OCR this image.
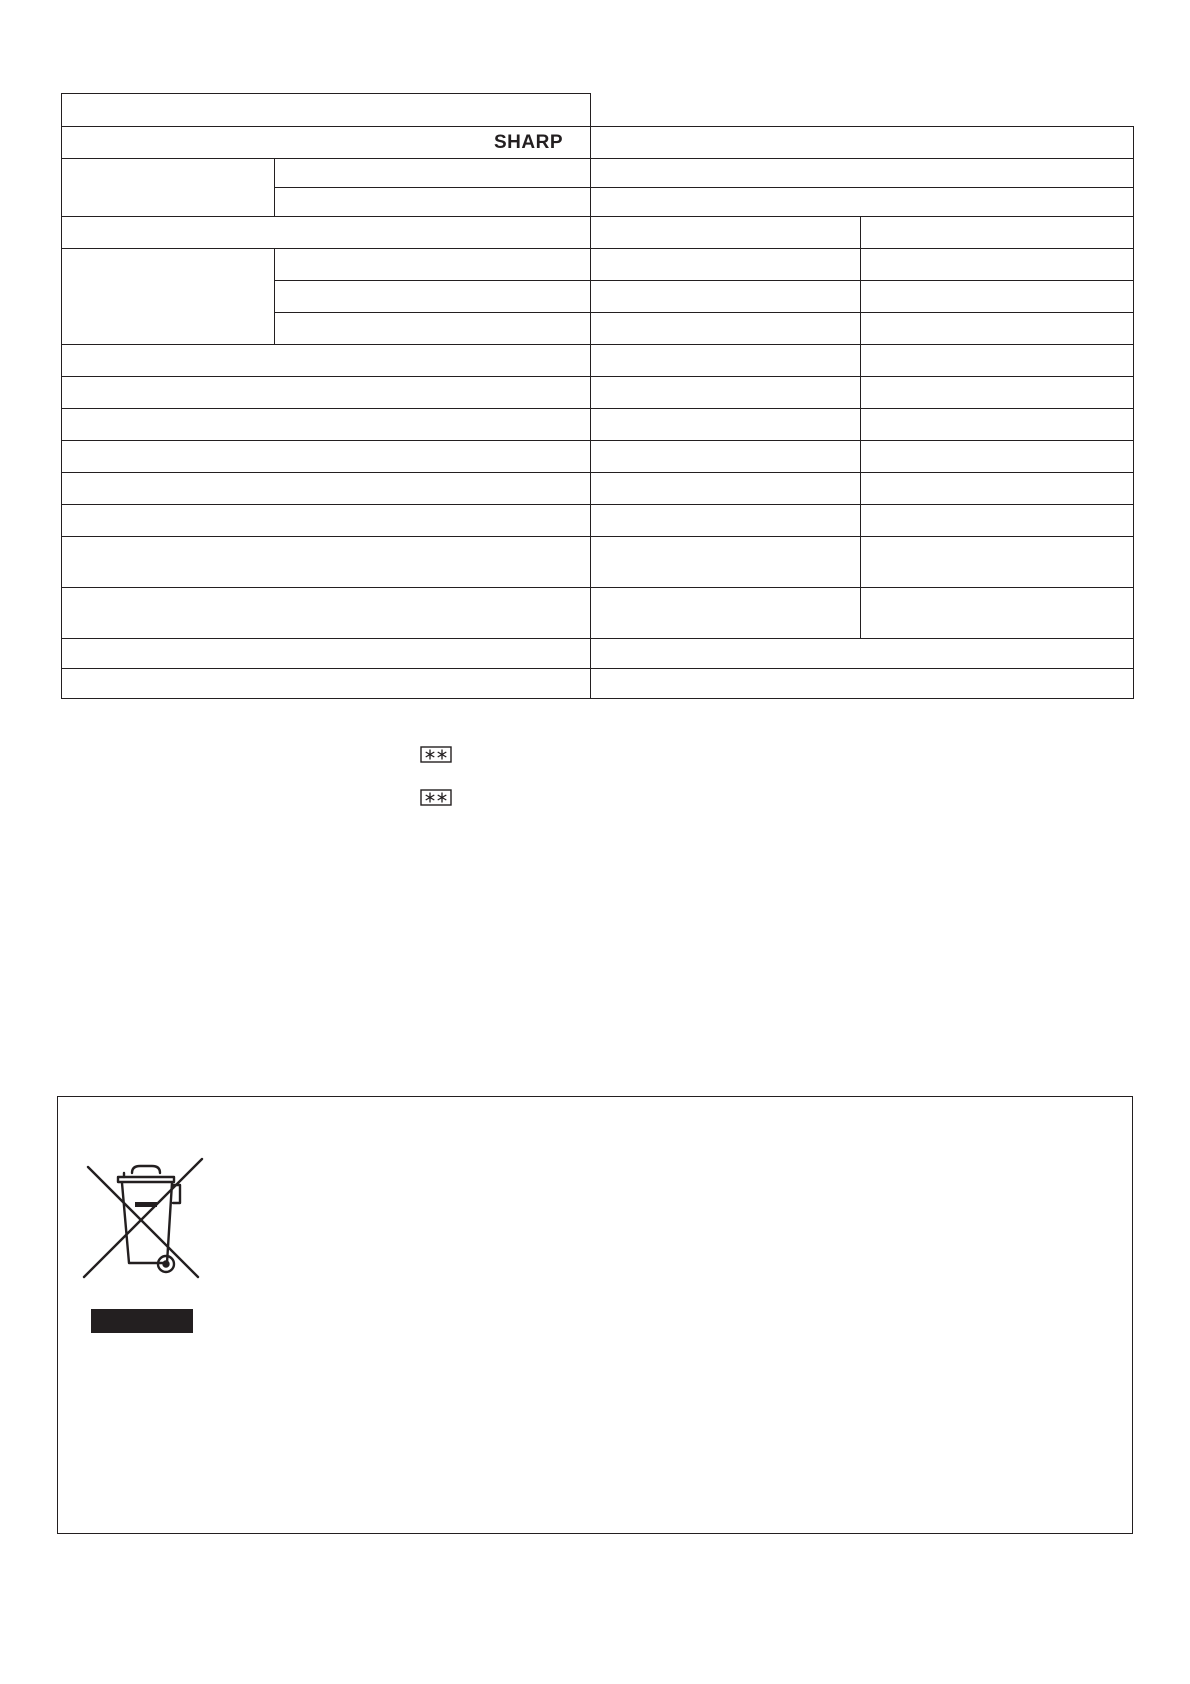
SHARP			
